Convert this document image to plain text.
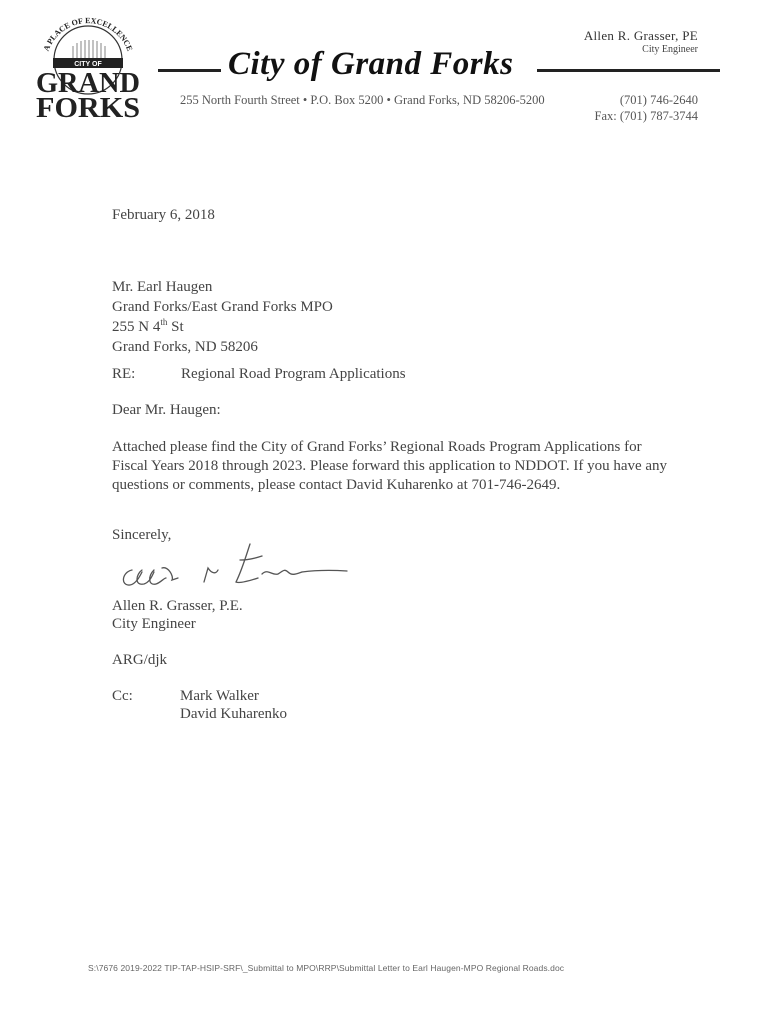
A PLACE OF EXCELLENCE
CITY OF
GRAND
FORKS
City of Grand Forks
255 North Fourth Street • P.O. Box 5200 • Grand Forks, ND 58206-5200
Allen R. Grasser, PE
City Engineer
(701) 746-2640
Fax: (701) 787-3744
February 6, 2018
Mr. Earl Haugen
Grand Forks/East Grand Forks MPO
255 N 4th St
Grand Forks, ND 58206
RE:	Regional Road Program Applications
Dear Mr. Haugen:
Attached please find the City of Grand Forks’ Regional Roads Program Applications for
Fiscal Years 2018 through 2023. Please forward this application to NDDOT. If you have any
questions or comments, please contact David Kuharenko at 701-746-2649.
Sincerely,
Allen R. Grasser, P.E.
City Engineer
ARG/djk
Cc:	Mark Walker
David Kuharenko
S:\7676 2019-2022 TIP-TAP-HSIP-SRF\_Submittal to MPO\RRP\Submittal Letter to Earl Haugen-MPO Regional Roads.doc
